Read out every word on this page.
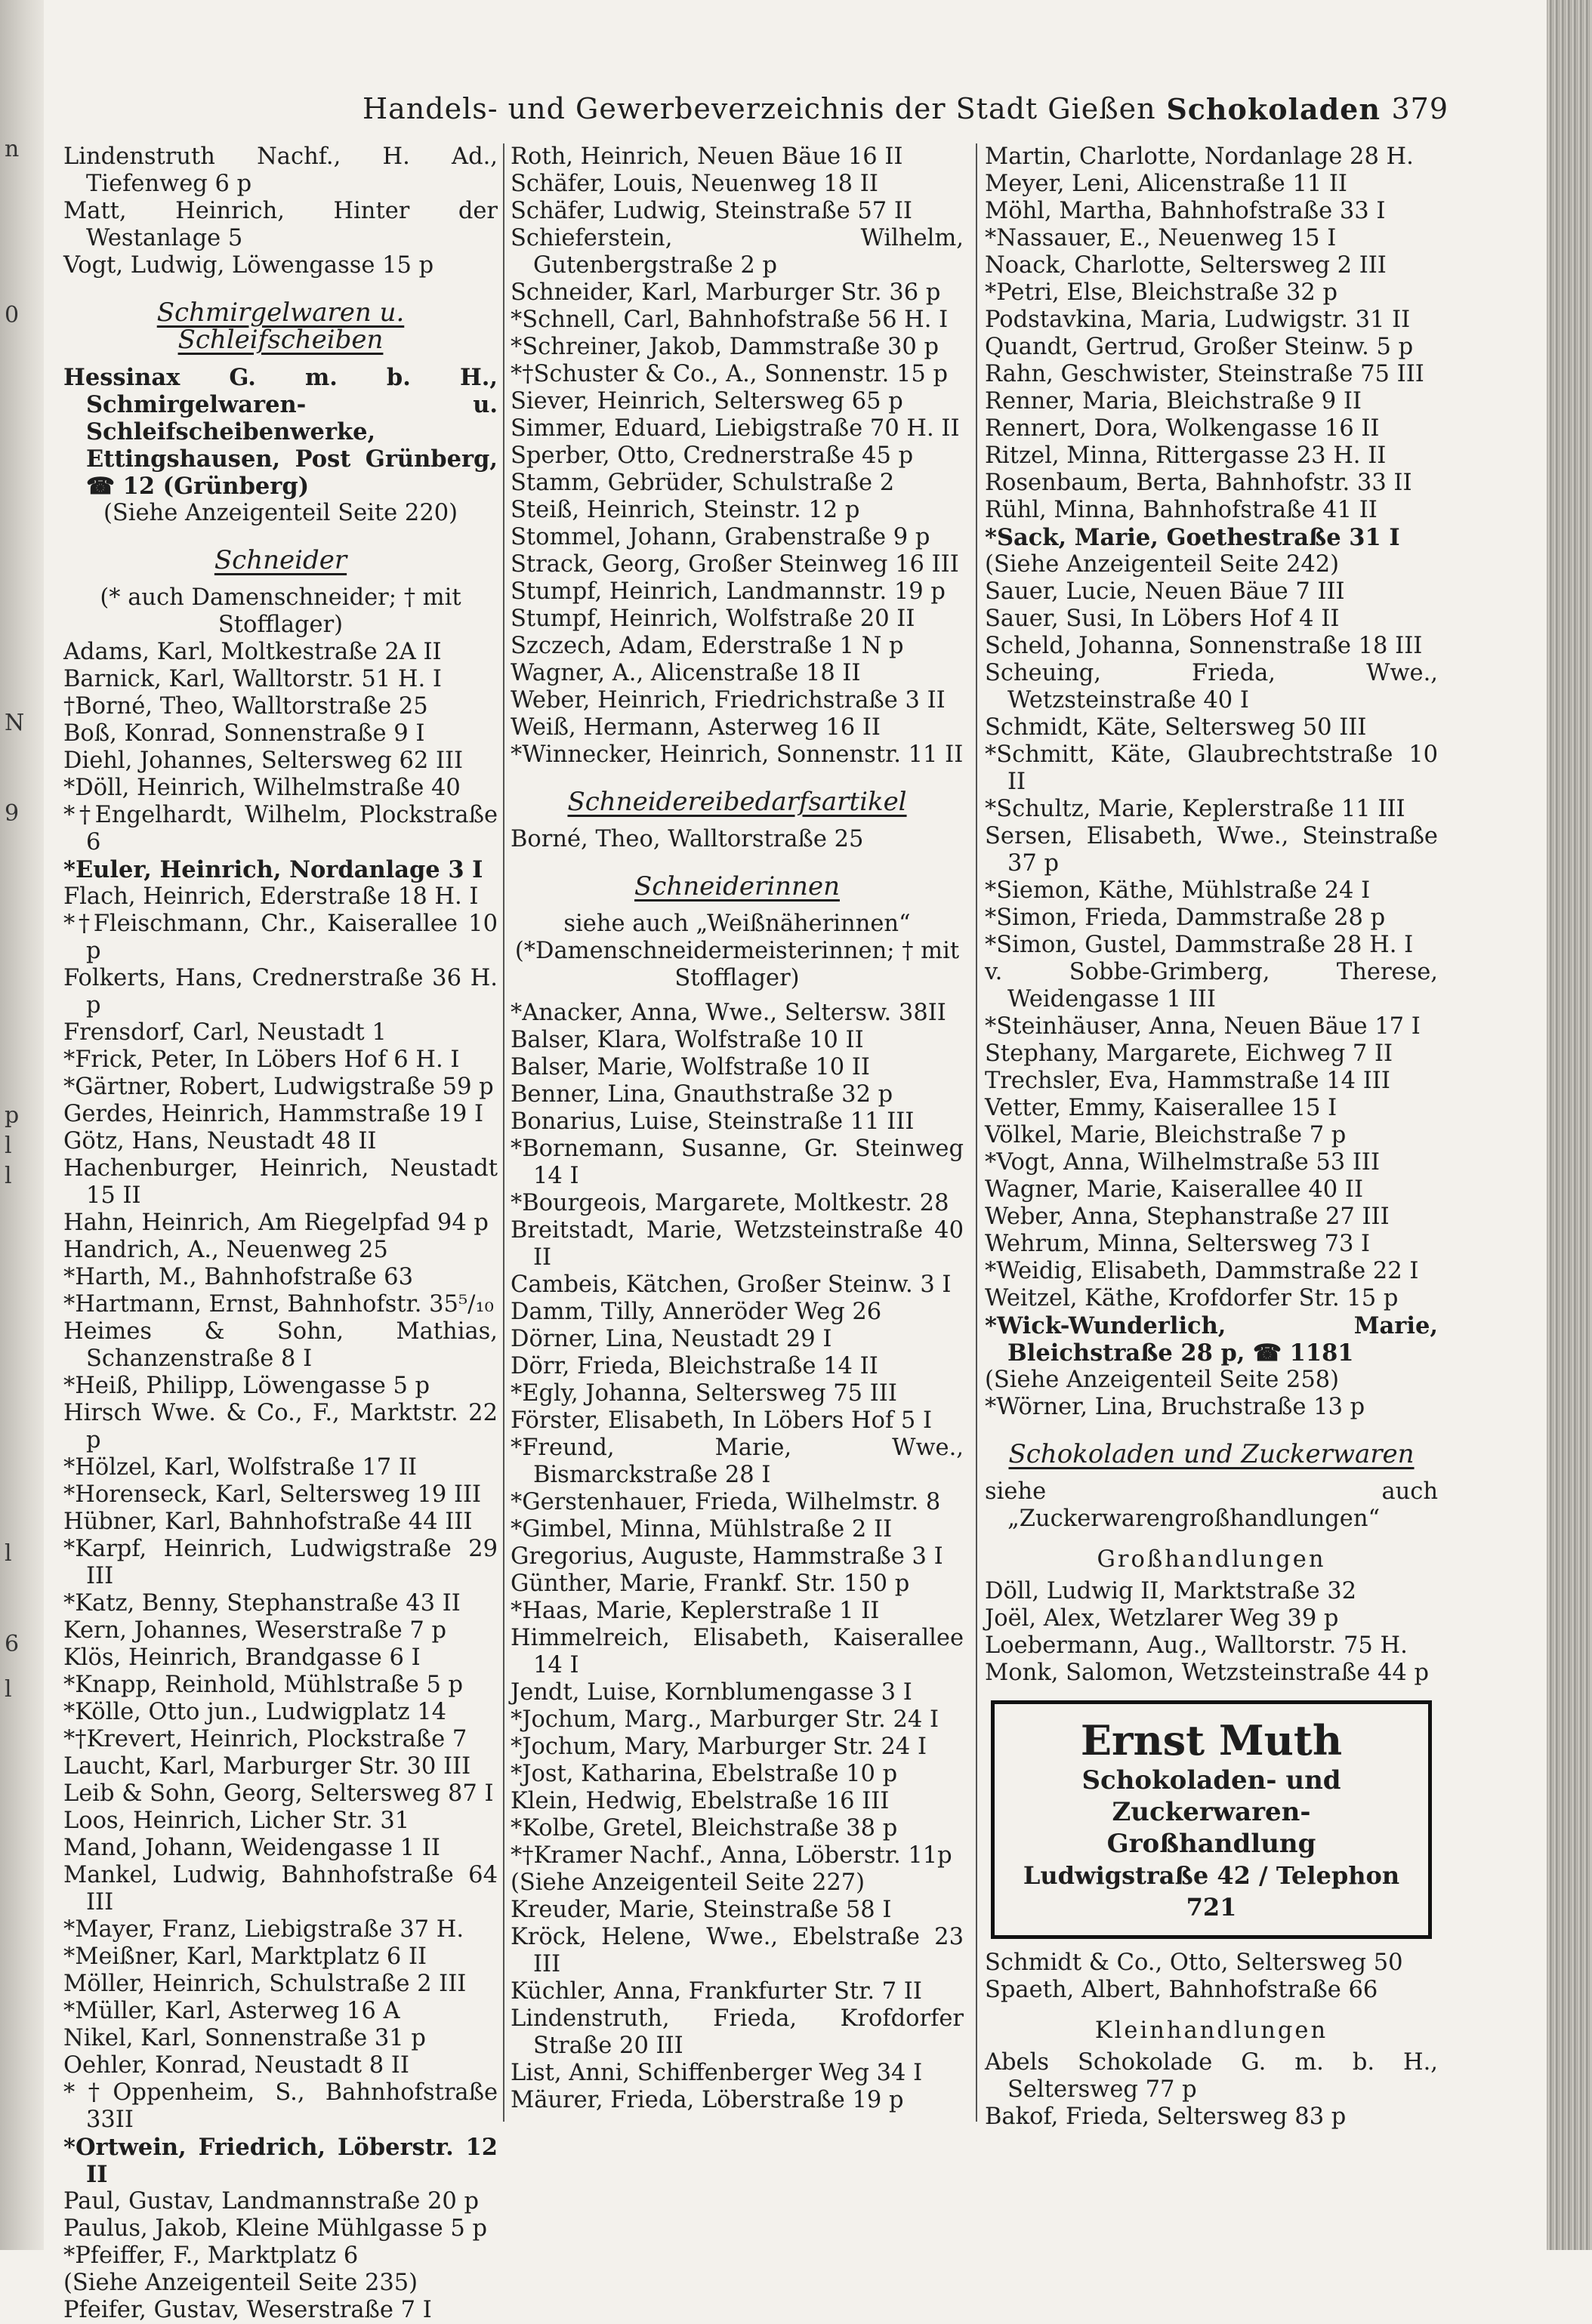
n
0
N
9
p
l
l
l
6
l
Handels- und Gewerbeverzeichnis der Stadt Gießen Schokoladen 379

Lindenstruth Nachf., H. Ad., Tiefenweg 6 p

Matt, Heinrich, Hinter der Westanlage 5

Vogt, Ludwig, Löwengasse 15 p

Schmirgelwaren u. Schleifscheiben

Hessinax G. m. b. H., Schmirgelwaren- u. Schleifscheibenwerke, Ettingshausen, Post Grünberg, ☎ 12 (Grünberg)

(Siehe Anzeigenteil Seite 220)

Schneider

(* auch Damenschneider; † mit Stofflager)

Adams, Karl, Moltkestraße 2A II

Barnick, Karl, Walltorstr. 51 H. I

†Borné, Theo, Walltorstraße 25

Boß, Konrad, Sonnenstraße 9 I

Diehl, Johannes, Seltersweg 62 III

*Döll, Heinrich, Wilhelmstraße 40

*†Engelhardt, Wilhelm, Plockstraße 6

*Euler, Heinrich, Nordanlage 3 I

Flach, Heinrich, Ederstraße 18 H. I

*†Fleischmann, Chr., Kaiserallee 10 p

Folkerts, Hans, Crednerstraße 36 H. p

Frensdorf, Carl, Neustadt 1

*Frick, Peter, In Löbers Hof 6 H. I

*Gärtner, Robert, Ludwigstraße 59 p

Gerdes, Heinrich, Hammstraße 19 I

Götz, Hans, Neustadt 48 II

Hachenburger, Heinrich, Neustadt 15 II

Hahn, Heinrich, Am Riegelpfad 94 p

Handrich, A., Neuenweg 25

*Harth, M., Bahnhofstraße 63

*Hartmann, Ernst, Bahnhofstr. 35⁵/₁₀

Heimes & Sohn, Mathias, Schanzenstraße 8 I

*Heiß, Philipp, Löwengasse 5 p

Hirsch Wwe. & Co., F., Marktstr. 22 p

*Hölzel, Karl, Wolfstraße 17 II

*Horenseck, Karl, Seltersweg 19 III

Hübner, Karl, Bahnhofstraße 44 III

*Karpf, Heinrich, Ludwigstraße 29 III

*Katz, Benny, Stephanstraße 43 II

Kern, Johannes, Weserstraße 7 p

Klös, Heinrich, Brandgasse 6 I

*Knapp, Reinhold, Mühlstraße 5 p

*Kölle, Otto jun., Ludwigplatz 14

*†Krevert, Heinrich, Plockstraße 7

Laucht, Karl, Marburger Str. 30 III

Leib & Sohn, Georg, Seltersweg 87 I

Loos, Heinrich, Licher Str. 31

Mand, Johann, Weidengasse 1 II

Mankel, Ludwig, Bahnhofstraße 64 III

*Mayer, Franz, Liebigstraße 37 H.

*Meißner, Karl, Marktplatz 6 II

Möller, Heinrich, Schulstraße 2 III

*Müller, Karl, Asterweg 16 A

Nikel, Karl, Sonnenstraße 31 p

Oehler, Konrad, Neustadt 8 II

*†Oppenheim, S., Bahnhofstraße 33II

*Ortwein, Friedrich, Löberstr. 12 II

Paul, Gustav, Landmannstraße 20 p

Paulus, Jakob, Kleine Mühlgasse 5 p

*Pfeiffer, F., Marktplatz 6

(Siehe Anzeigenteil Seite 235)

Pfeifer, Gustav, Weserstraße 7 I

Roth, Heinrich, Neuen Bäue 16 II

Schäfer, Louis, Neuenweg 18 II

Schäfer, Ludwig, Steinstraße 57 II

Schieferstein, Wilhelm, Gutenbergstraße 2 p

Schneider, Karl, Marburger Str. 36 p

*Schnell, Carl, Bahnhofstraße 56 H. I

*Schreiner, Jakob, Dammstraße 30 p

*†Schuster & Co., A., Sonnenstr. 15 p

Siever, Heinrich, Seltersweg 65 p

Simmer, Eduard, Liebigstraße 70 H. II

Sperber, Otto, Crednerstraße 45 p

Stamm, Gebrüder, Schulstraße 2

Steiß, Heinrich, Steinstr. 12 p

Stommel, Johann, Grabenstraße 9 p

Strack, Georg, Großer Steinweg 16 III

Stumpf, Heinrich, Landmannstr. 19 p

Stumpf, Heinrich, Wolfstraße 20 II

Szczech, Adam, Ederstraße 1 N p

Wagner, A., Alicenstraße 18 II

Weber, Heinrich, Friedrichstraße 3 II

Weiß, Hermann, Asterweg 16 II

*Winnecker, Heinrich, Sonnenstr. 11 II

Schneidereibedarfsartikel

Borné, Theo, Walltorstraße 25

Schneiderinnen

siehe auch „Weißnäherinnen“

(*Damenschneidermeisterinnen; † mit Stofflager)

*Anacker, Anna, Wwe., Seltersw. 38II

Balser, Klara, Wolfstraße 10 II

Balser, Marie, Wolfstraße 10 II

Benner, Lina, Gnauthstraße 32 p

Bonarius, Luise, Steinstraße 11 III

*Bornemann, Susanne, Gr. Steinweg 14 I

*Bourgeois, Margarete, Moltkestr. 28

Breitstadt, Marie, Wetzsteinstraße 40 II

Cambeis, Kätchen, Großer Steinw. 3 I

Damm, Tilly, Anneröder Weg 26

Dörner, Lina, Neustadt 29 I

Dörr, Frieda, Bleichstraße 14 II

*Egly, Johanna, Seltersweg 75 III

Förster, Elisabeth, In Löbers Hof 5 I

*Freund, Marie, Wwe., Bismarckstraße 28 I

*Gerstenhauer, Frieda, Wilhelmstr. 8

*Gimbel, Minna, Mühlstraße 2 II

Gregorius, Auguste, Hammstraße 3 I

Günther, Marie, Frankf. Str. 150 p

*Haas, Marie, Keplerstraße 1 II

Himmelreich, Elisabeth, Kaiserallee 14 I

Jendt, Luise, Kornblumengasse 3 I

*Jochum, Marg., Marburger Str. 24 I

*Jochum, Mary, Marburger Str. 24 I

*Jost, Katharina, Ebelstraße 10 p

Klein, Hedwig, Ebelstraße 16 III

*Kolbe, Gretel, Bleichstraße 38 p

*†Kramer Nachf., Anna, Löberstr. 11p

(Siehe Anzeigenteil Seite 227)

Kreuder, Marie, Steinstraße 58 I

Kröck, Helene, Wwe., Ebelstraße 23 III

Küchler, Anna, Frankfurter Str. 7 II

Lindenstruth, Frieda, Krofdorfer Straße 20 III

List, Anni, Schiffenberger Weg 34 I

Mäurer, Frieda, Löberstraße 19 p

Martin, Charlotte, Nordanlage 28 H.

Meyer, Leni, Alicenstraße 11 II

Möhl, Martha, Bahnhofstraße 33 I

*Nassauer, E., Neuenweg 15 I

Noack, Charlotte, Seltersweg 2 III

*Petri, Else, Bleichstraße 32 p

Podstavkina, Maria, Ludwigstr. 31 II

Quandt, Gertrud, Großer Steinw. 5 p

Rahn, Geschwister, Steinstraße 75 III

Renner, Maria, Bleichstraße 9 II

Rennert, Dora, Wolkengasse 16 II

Ritzel, Minna, Rittergasse 23 H. II

Rosenbaum, Berta, Bahnhofstr. 33 II

Rühl, Minna, Bahnhofstraße 41 II

*Sack, Marie, Goethestraße 31 I

(Siehe Anzeigenteil Seite 242)

Sauer, Lucie, Neuen Bäue 7 III

Sauer, Susi, In Löbers Hof 4 II

Scheld, Johanna, Sonnenstraße 18 III

Scheuing, Frieda, Wwe., Wetzsteinstraße 40 I

Schmidt, Käte, Seltersweg 50 III

*Schmitt, Käte, Glaubrechtstraße 10 II

*Schultz, Marie, Keplerstraße 11 III

Sersen, Elisabeth, Wwe., Steinstraße 37 p

*Siemon, Käthe, Mühlstraße 24 I

*Simon, Frieda, Dammstraße 28 p

*Simon, Gustel, Dammstraße 28 H. I

v. Sobbe-Grimberg, Therese, Weidengasse 1 III

*Steinhäuser, Anna, Neuen Bäue 17 I

Stephany, Margarete, Eichweg 7 II

Trechsler, Eva, Hammstraße 14 III

Vetter, Emmy, Kaiserallee 15 I

Völkel, Marie, Bleichstraße 7 p

*Vogt, Anna, Wilhelmstraße 53 III

Wagner, Marie, Kaiserallee 40 II

Weber, Anna, Stephanstraße 27 III

Wehrum, Minna, Seltersweg 73 I

*Weidig, Elisabeth, Dammstraße 22 I

Weitzel, Käthe, Krofdorfer Str. 15 p

*Wick-Wunderlich, Marie, Bleichstraße 28 p, ☎ 1181

(Siehe Anzeigenteil Seite 258)

*Wörner, Lina, Bruchstraße 13 p

Schokoladen und Zuckerwaren

siehe auch „Zuckerwarengroßhandlungen“

Großhandlungen

Döll, Ludwig II, Marktstraße 32

Joël, Alex, Wetzlarer Weg 39 p

Loebermann, Aug., Walltorstr. 75 H.

Monk, Salomon, Wetzsteinstraße 44 p

Ernst Muth
Schokoladen- und Zuckerwaren-
Großhandlung
Ludwigstraße 42 / Telephon 721

Schmidt & Co., Otto, Seltersweg 50

Spaeth, Albert, Bahnhofstraße 66

Kleinhandlungen

Abels Schokolade G. m. b. H., Seltersweg 77 p

Bakof, Frieda, Seltersweg 83 p
